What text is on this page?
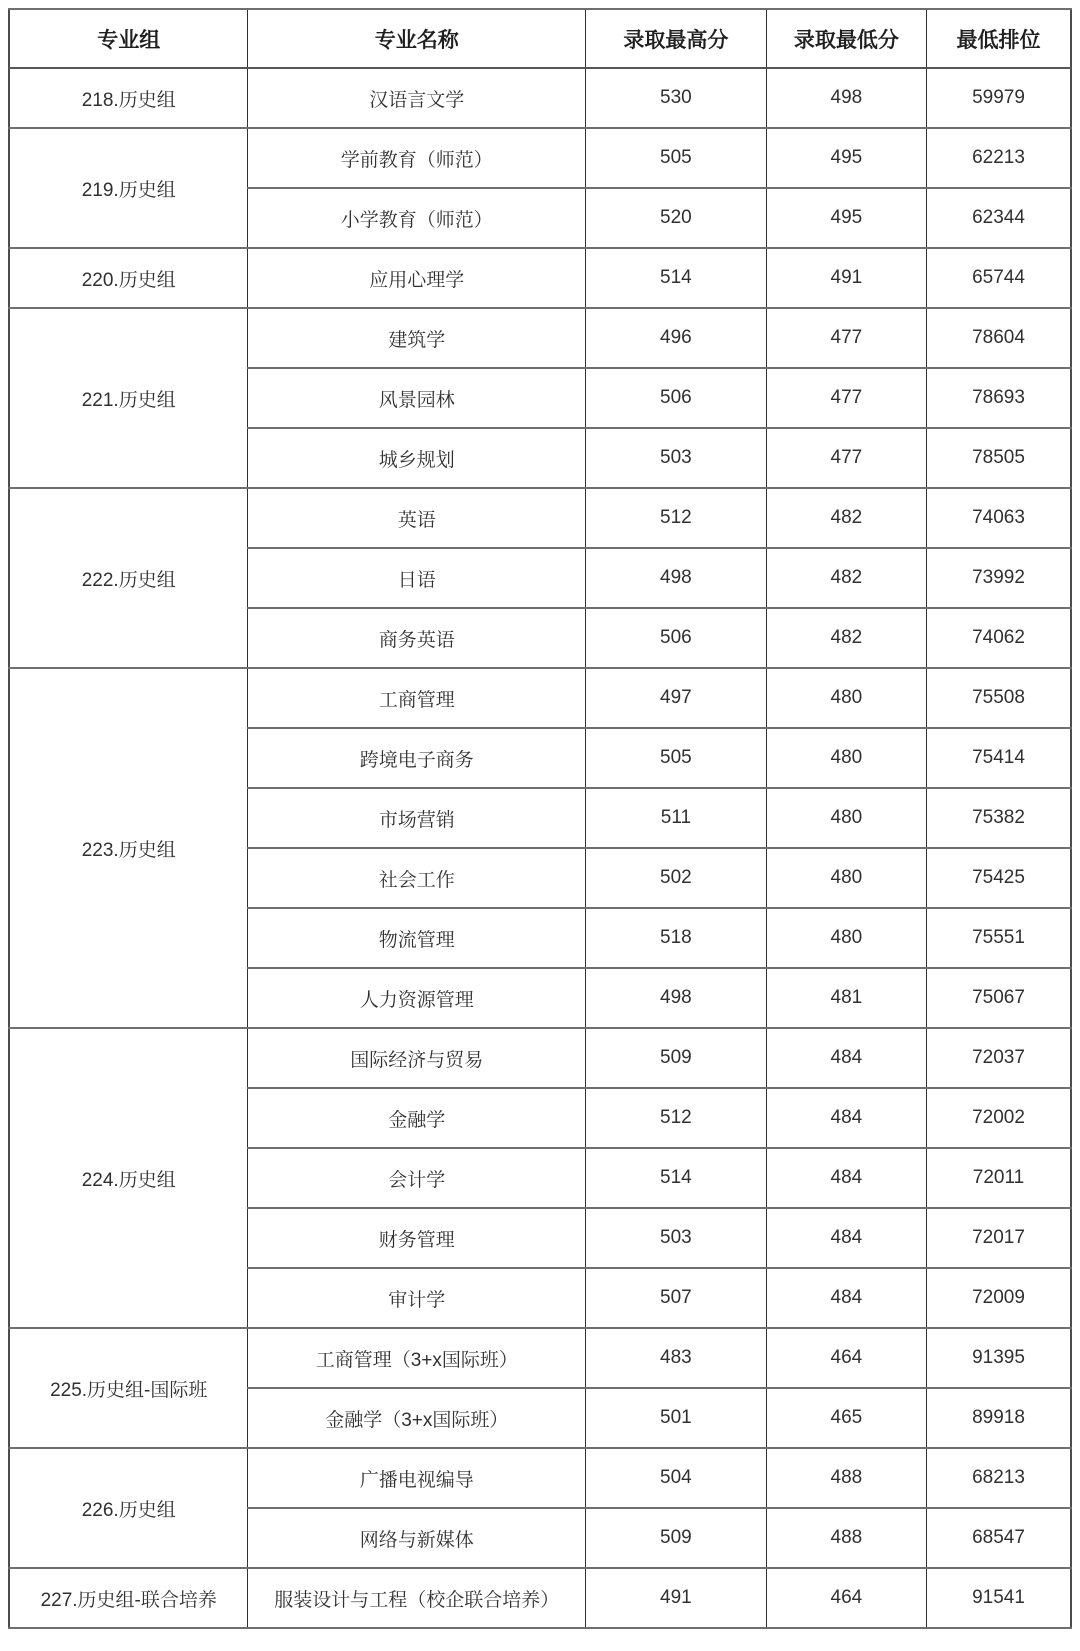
专业组	专业名称	录取最高分	录取最低分	最低排位
218.历史组	汉语言文学	530	498	59979
219.历史组	学前教育（师范）	505	495	62213
	小学教育（师范）	520	495	62344
220.历史组	应用心理学	514	491	65744
221.历史组	建筑学	496	477	78604
	风景园林	506	477	78693
	城乡规划	503	477	78505
222.历史组	英语	512	482	74063
	日语	498	482	73992
	商务英语	506	482	74062
223.历史组	工商管理	497	480	75508
	跨境电子商务	505	480	75414
	市场营销	511	480	75382
	社会工作	502	480	75425
	物流管理	518	480	75551
	人力资源管理	498	481	75067
224.历史组	国际经济与贸易	509	484	72037
	金融学	512	484	72002
	会计学	514	484	72011
	财务管理	503	484	72017
	审计学	507	484	72009
225.历史组-国际班	工商管理（3+x国际班）	483	464	91395
	金融学（3+x国际班）	501	465	89918
226.历史组	广播电视编导	504	488	68213
	网络与新媒体	509	488	68547
227.历史组-联合培养	服装设计与工程（校企联合培养）	491	464	91541
